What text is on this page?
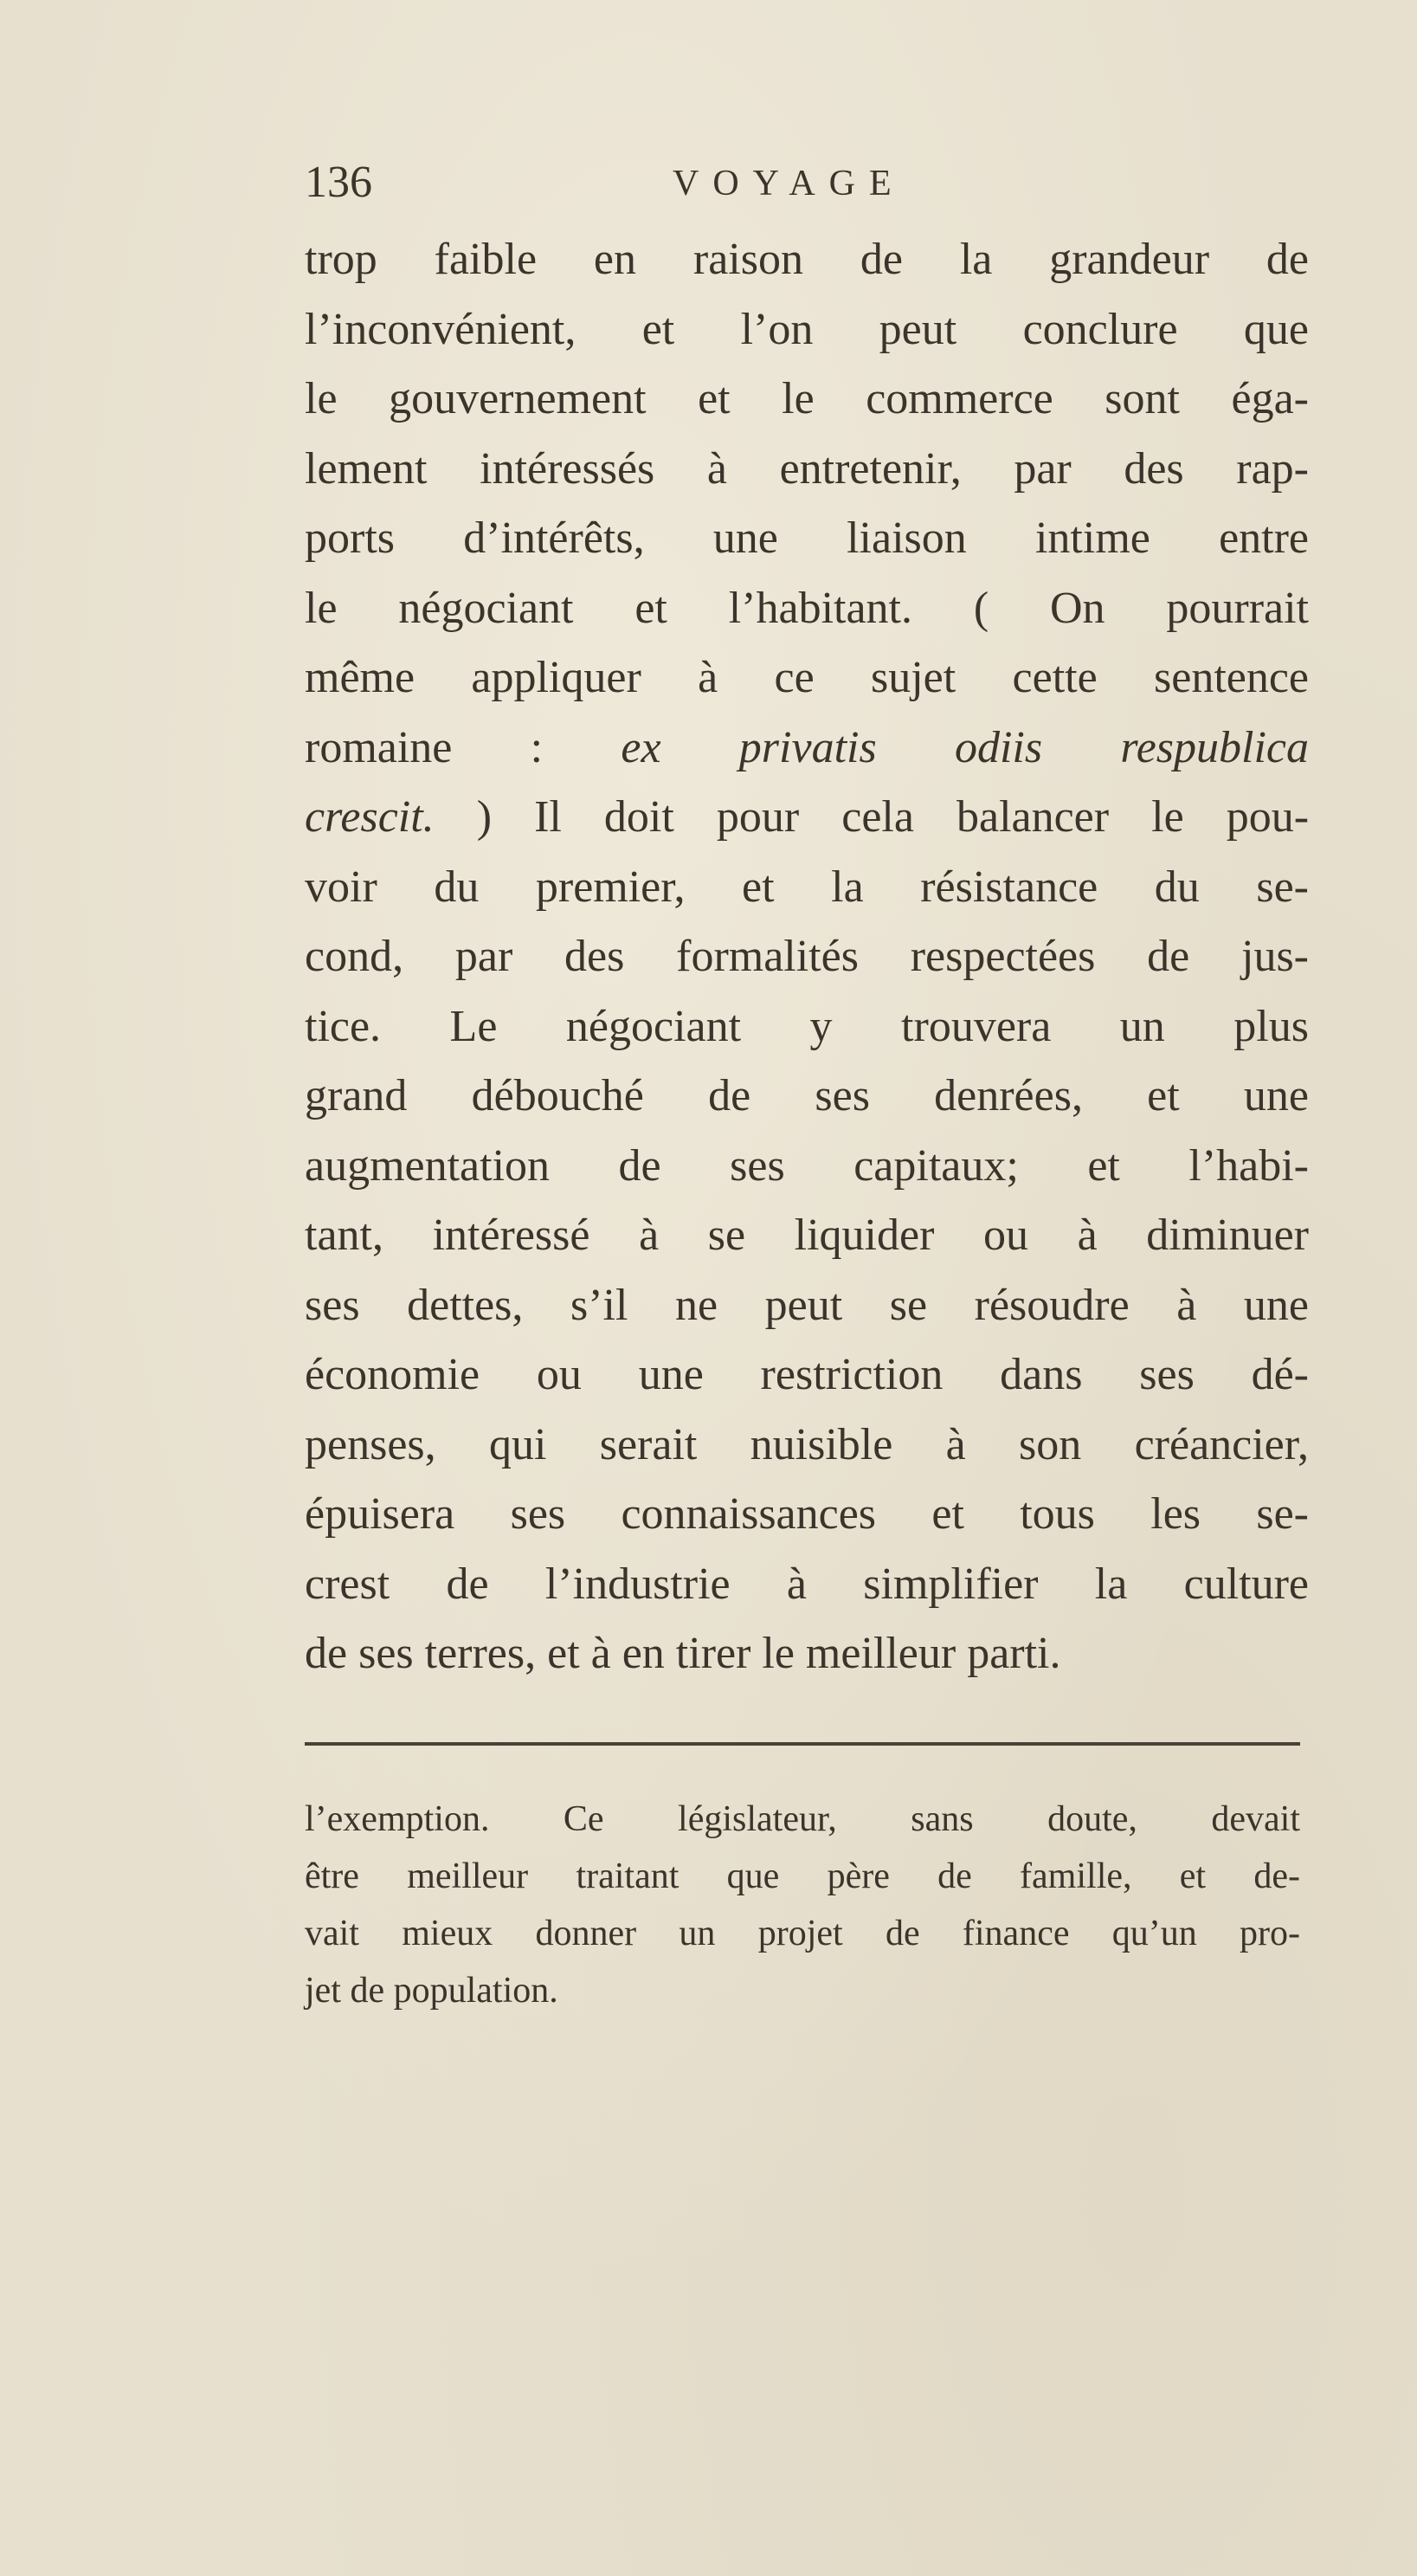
136	VOYAGE
trop faible en raison de la grandeur de
l’inconvénient, et l’on peut conclure que
le gouvernement et le commerce sont éga-
lement intéressés à entretenir, par des rap-
ports d’intérêts, une liaison intime entre
le négociant et l’habitant. ( On pourrait
même appliquer à ce sujet cette sentence
romaine : ex privatis odiis respublica
crescit. ) Il doit pour cela balancer le pou-
voir du premier, et la résistance du se-
cond, par des formalités respectées de jus-
tice. Le négociant y trouvera un plus
grand débouché de ses denrées, et une
augmentation de ses capitaux; et l’habi-
tant, intéressé à se liquider ou à diminuer
ses dettes, s’il ne peut se résoudre à une
économie ou une restriction dans ses dé-
penses, qui serait nuisible à son créancier,
épuisera ses connaissances et tous les se-
crest de l’industrie à simplifier la culture
de ses terres, et à en tirer le meilleur parti.
l’exemption. Ce législateur, sans doute, devait
être meilleur traitant que père de famille, et de-
vait mieux donner un projet de finance qu’un pro-
jet de population.
